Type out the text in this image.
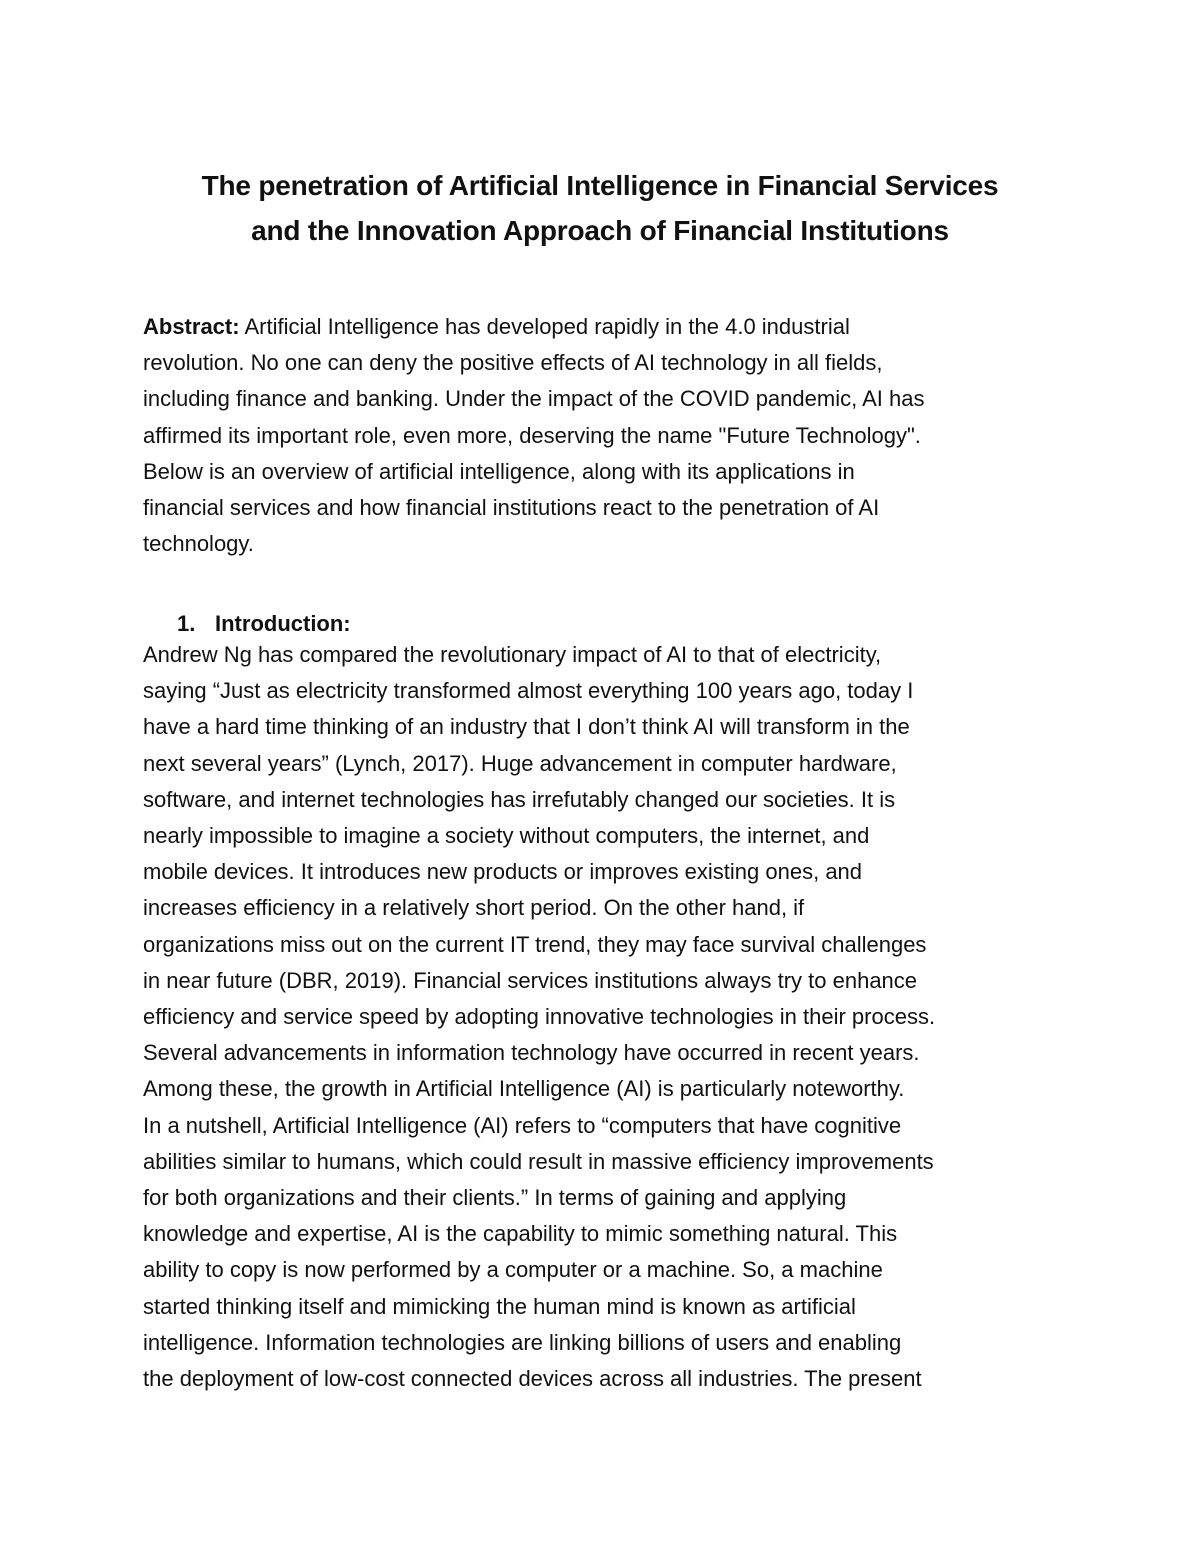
The penetration of Artificial Intelligence in Financial Services
and the Innovation Approach of Financial Institutions
Abstract: Artificial Intelligence has developed rapidly in the 4.0 industrial
revolution. No one can deny the positive effects of AI technology in all fields,
including finance and banking. Under the impact of the COVID pandemic, AI has
affirmed its important role, even more, deserving the name "Future Technology".
Below is an overview of artificial intelligence, along with its applications in
financial services and how financial institutions react to the penetration of AI
technology.
1. Introduction:
Andrew Ng has compared the revolutionary impact of AI to that of electricity,
saying “Just as electricity transformed almost everything 100 years ago, today I
have a hard time thinking of an industry that I don’t think AI will transform in the
next several years” (Lynch, 2017). Huge advancement in computer hardware,
software, and internet technologies has irrefutably changed our societies. It is
nearly impossible to imagine a society without computers, the internet, and
mobile devices. It introduces new products or improves existing ones, and
increases efficiency in a relatively short period. On the other hand, if
organizations miss out on the current IT trend, they may face survival challenges
in near future (DBR, 2019). Financial services institutions always try to enhance
efficiency and service speed by adopting innovative technologies in their process.
Several advancements in information technology have occurred in recent years.
Among these, the growth in Artificial Intelligence (AI) is particularly noteworthy.
In a nutshell, Artificial Intelligence (AI) refers to “computers that have cognitive
abilities similar to humans, which could result in massive efficiency improvements
for both organizations and their clients.” In terms of gaining and applying
knowledge and expertise, AI is the capability to mimic something natural. This
ability to copy is now performed by a computer or a machine. So, a machine
started thinking itself and mimicking the human mind is known as artificial
intelligence. Information technologies are linking billions of users and enabling
the deployment of low-cost connected devices across all industries. The present
